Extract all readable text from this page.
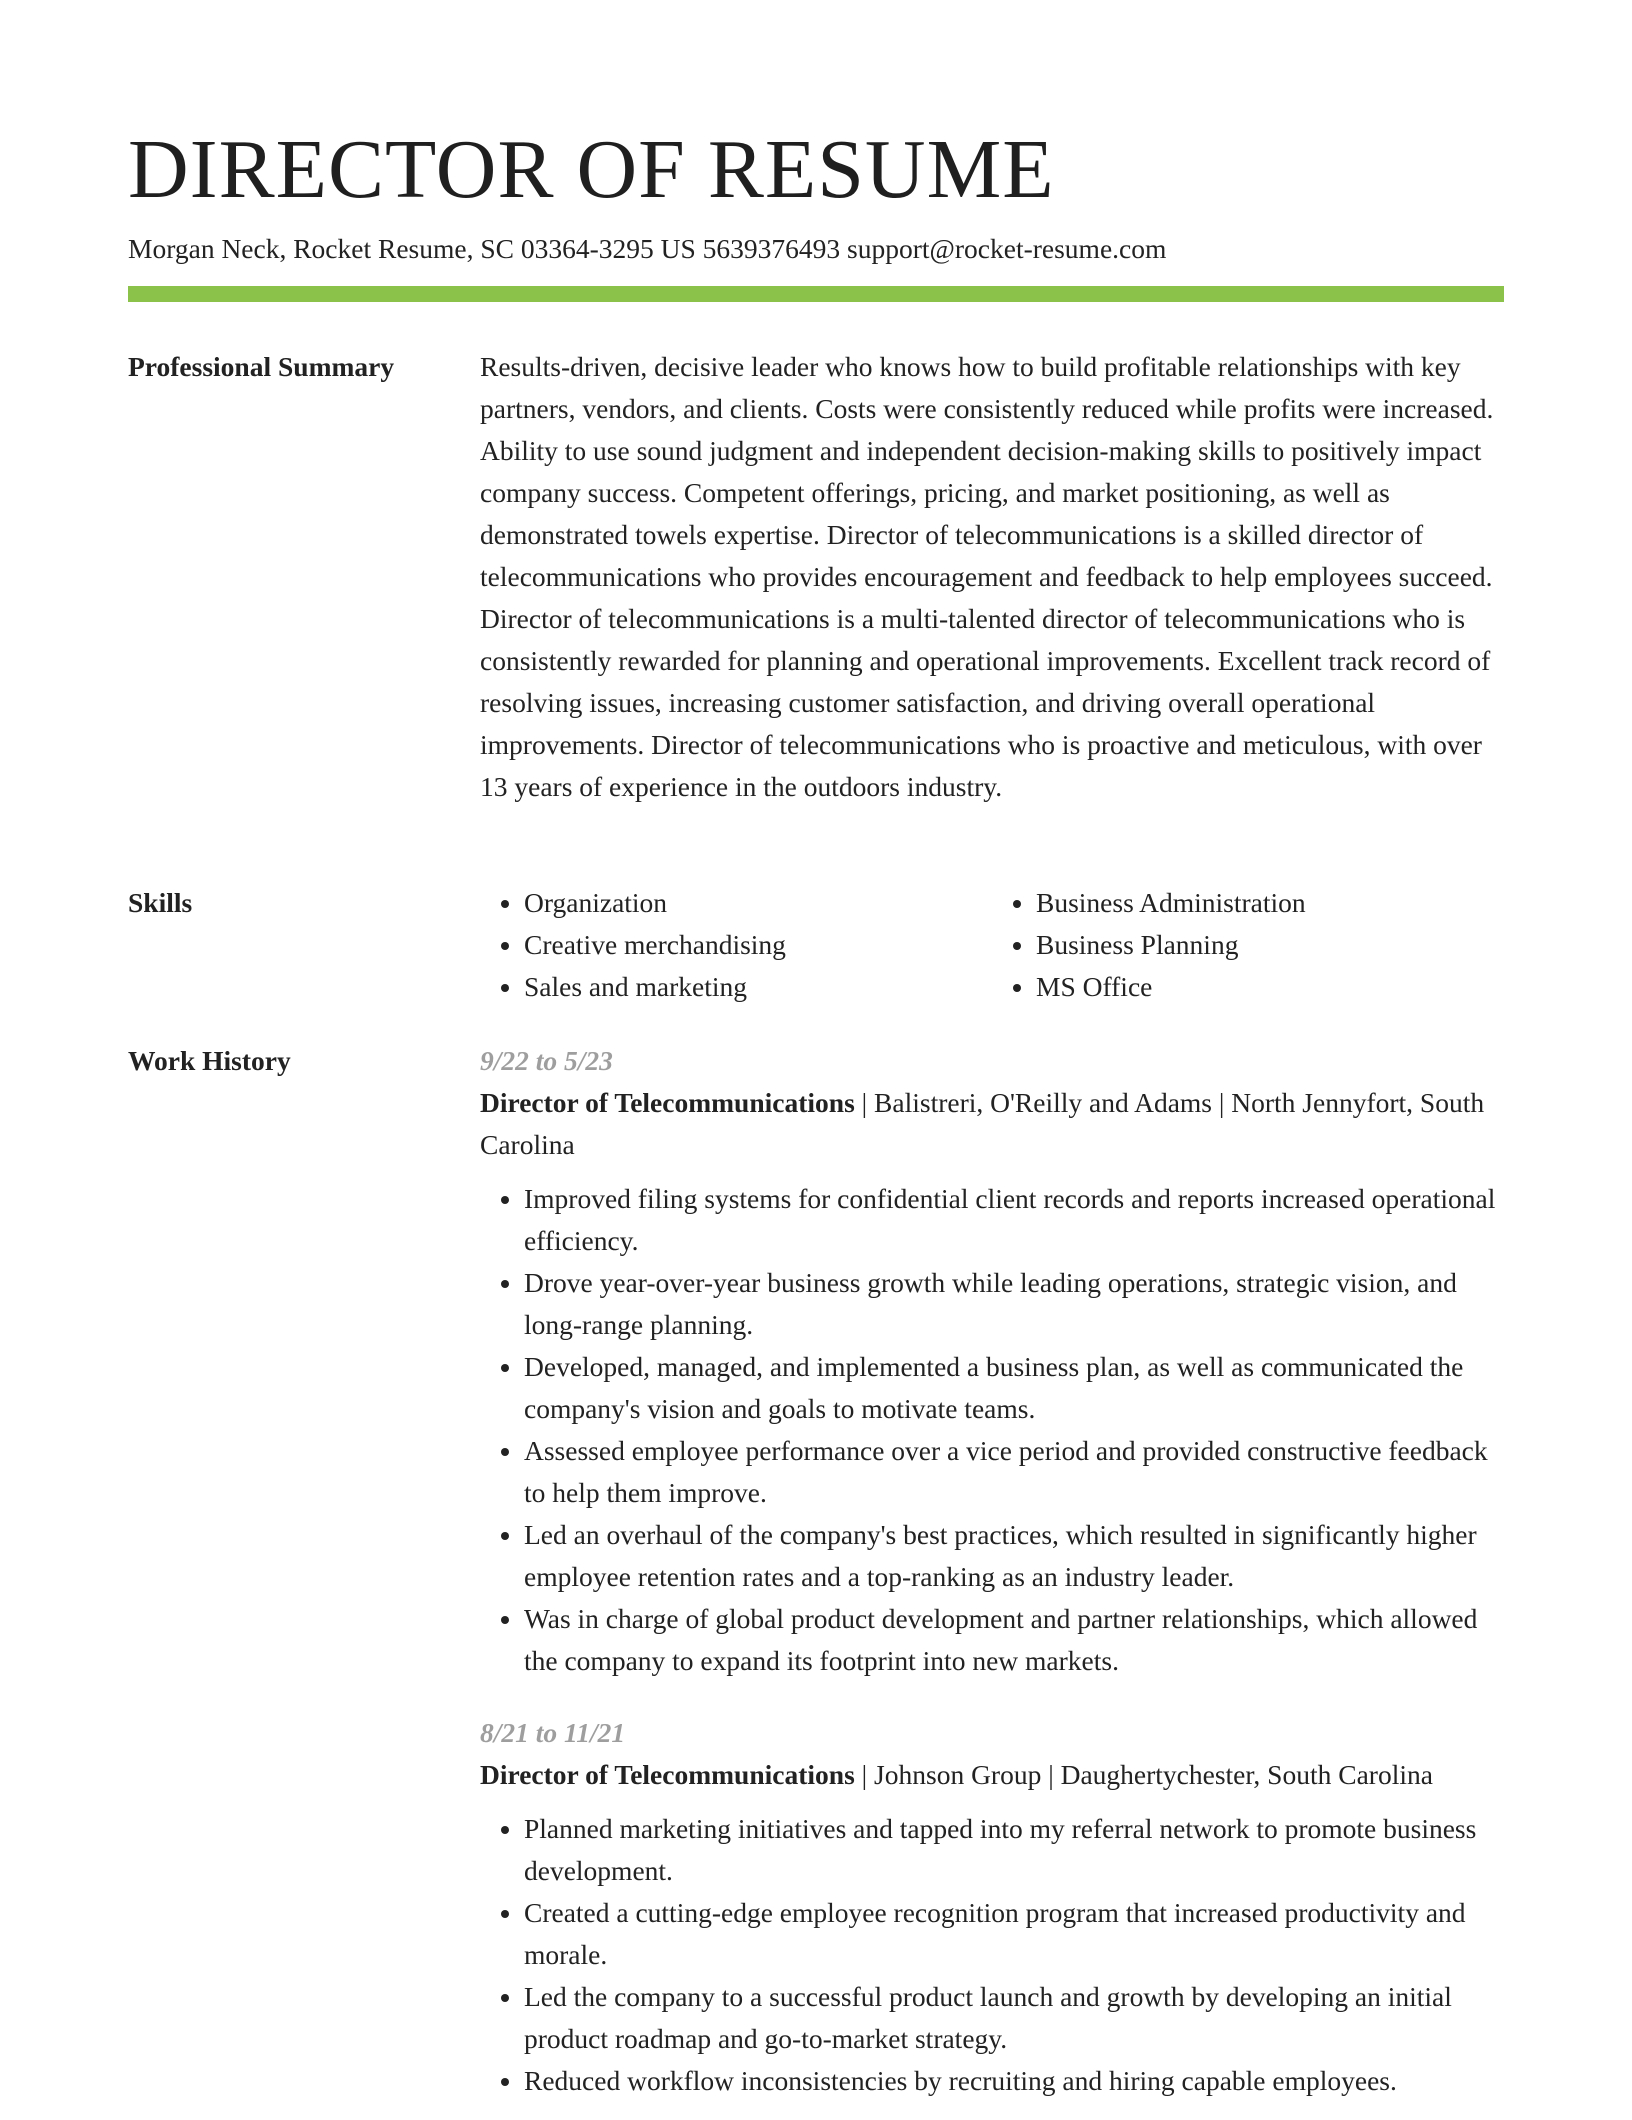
DIRECTOR OF RESUME
Morgan Neck, Rocket Resume, SC 03364-3295 US 5639376493 support@rocket-resume.com
Professional Summary	Results-driven, decisive leader who knows how to build profitable relationships with key partners, vendors, and clients. Costs were consistently reduced while profits were increased. Ability to use sound judgment and independent decision-making skills to positively impact company success. Competent offerings, pricing, and market positioning, as well as demonstrated towels expertise. Director of telecommunications is a skilled director of telecommunications who provides encouragement and feedback to help employees succeed. Director of telecommunications is a multi-talented director of telecommunications who is consistently rewarded for planning and operational improvements. Excellent track record of resolving issues, increasing customer satisfaction, and driving overall operational improvements. Director of telecommunications who is proactive and meticulous, with over 13 years of experience in the outdoors industry.

Skills
•	Organization
• Creative merchandising
• Sales and marketing
• Business Administration
• Business Planning
• MS Office
Work History	9/22 to 5/23
Director of Telecommunications | Balistreri, O'Reilly and Adams | North Jennyfort, South Carolina
• Improved filing systems for confidential client records and reports increased operational efficiency.
• Drove year-over-year business growth while leading operations, strategic vision, and long-range planning.
• Developed, managed, and implemented a business plan, as well as communicated the company's vision and goals to motivate teams.
• Assessed employee performance over a vice period and provided constructive feedback to help them improve.
• Led an overhaul of the company's best practices, which resulted in significantly higher employee retention rates and a top-ranking as an industry leader.
• Was in charge of global product development and partner relationships, which allowed the company to expand its footprint into new markets.
8/21 to 11/21
Director of Telecommunications | Johnson Group | Daughertychester, South Carolina
• Planned marketing initiatives and tapped into my referral network to promote business development.
• Created a cutting-edge employee recognition program that increased productivity and morale.
• Led the company to a successful product launch and growth by developing an initial product roadmap and go-to-market strategy.
• Reduced workflow inconsistencies by recruiting and hiring capable employees.
